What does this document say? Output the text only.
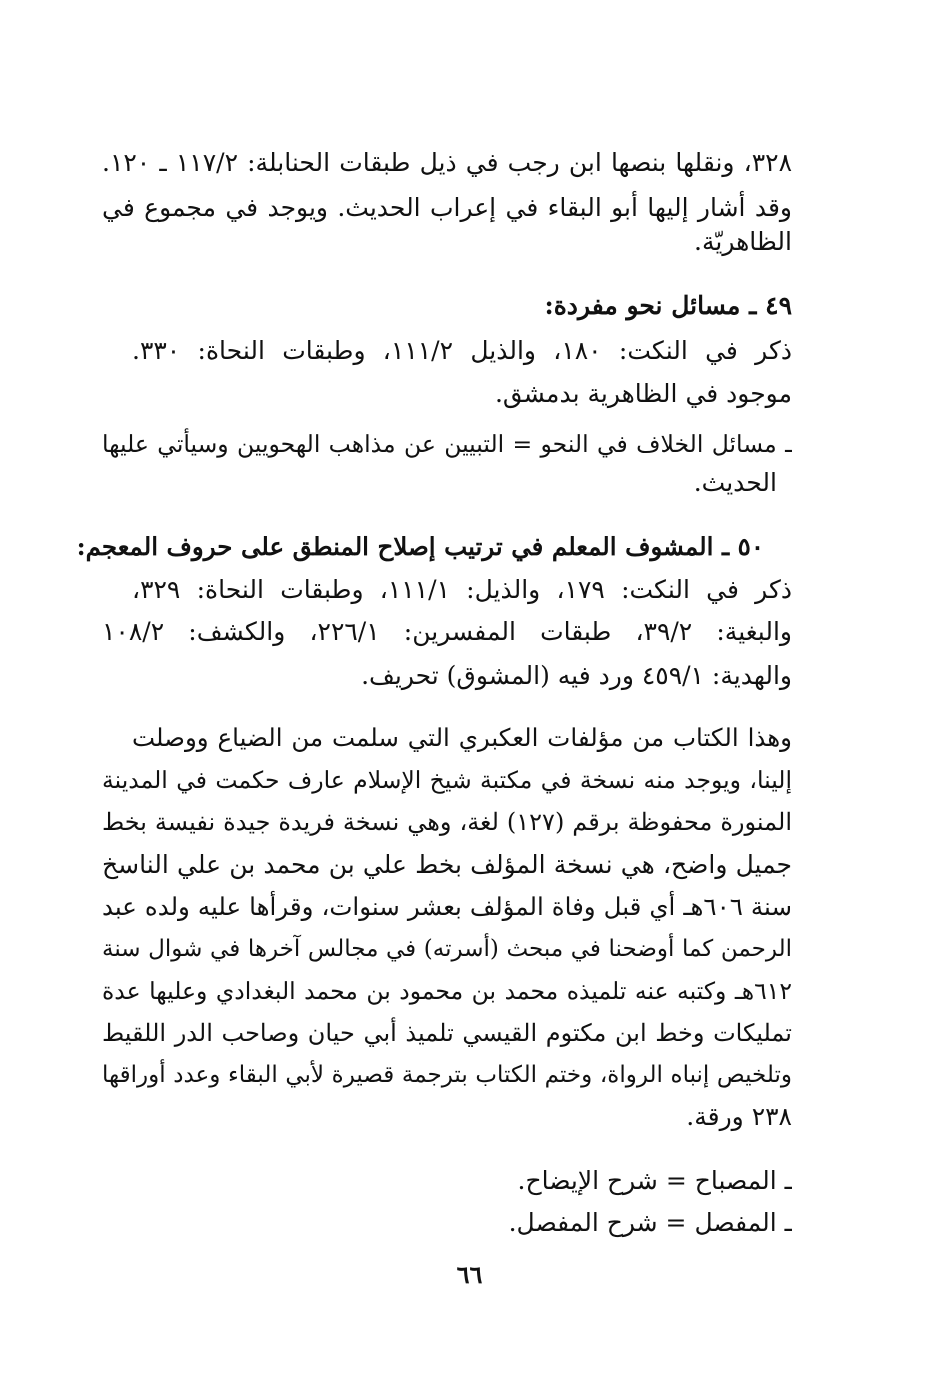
٣٢٨، ونقلها بنصها ابن رجب في ذيل طبقات الحنابلة: ١١٧/٢ ـ ١٢٠.
وقد أشار إليها أبو البقاء في إعراب الحديث. ويوجد في مجموع في
الظاهريّة.
٤٩ ـ مسائل نحو مفردة:
ذكر في النكت: ١٨٠، والذيل ١١١/٢، وطبقات النحاة: ٣٣٠.
موجود في الظاهرية بدمشق.
ـ مسائل الخلاف في النحو = التبيين عن مذاهب الهحويين وسيأتي عليها
الحديث.
٥٠ ـ المشوف المعلم في ترتيب إصلاح المنطق على حروف المعجم:
ذكر في النكت: ١٧٩، والذيل: ١١١/١، وطبقات النحاة: ٣٢٩،
والبغية: ٣٩/٢، طبقات المفسرين: ٢٢٦/١، والكشف: ١٠٨/٢
والهدية: ٤٥٩/١ ورد فيه (المشوق) تحريف.
وهذا الكتاب من مؤلفات العكبري التي سلمت من الضياع ووصلت
إلينا، ويوجد منه نسخة في مكتبة شيخ الإسلام عارف حكمت في المدينة
المنورة محفوظة برقم (١٢٧) لغة، وهي نسخة فريدة جيدة نفيسة بخط
جميل واضح، هي نسخة المؤلف بخط علي بن محمد بن علي الناسخ
سنة ٦٠٦هـ أي قبل وفاة المؤلف بعشر سنوات، وقرأها عليه ولده عبد
الرحمن كما أوضحنا في مبحث (أسرته) في مجالس آخرها في شوال سنة
٦١٢هـ وكتبه عنه تلميذه محمد بن محمود بن محمد البغدادي وعليها عدة
تمليكات وخط ابن مكتوم القيسي تلميذ أبي حيان وصاحب الدر اللقيط
وتلخيص إنباه الرواة، وختم الكتاب بترجمة قصيرة لأبي البقاء وعدد أوراقها
٢٣٨ ورقة.
ـ المصباح = شرح الإيضاح.
ـ المفصل = شرح المفصل.
٦٦
